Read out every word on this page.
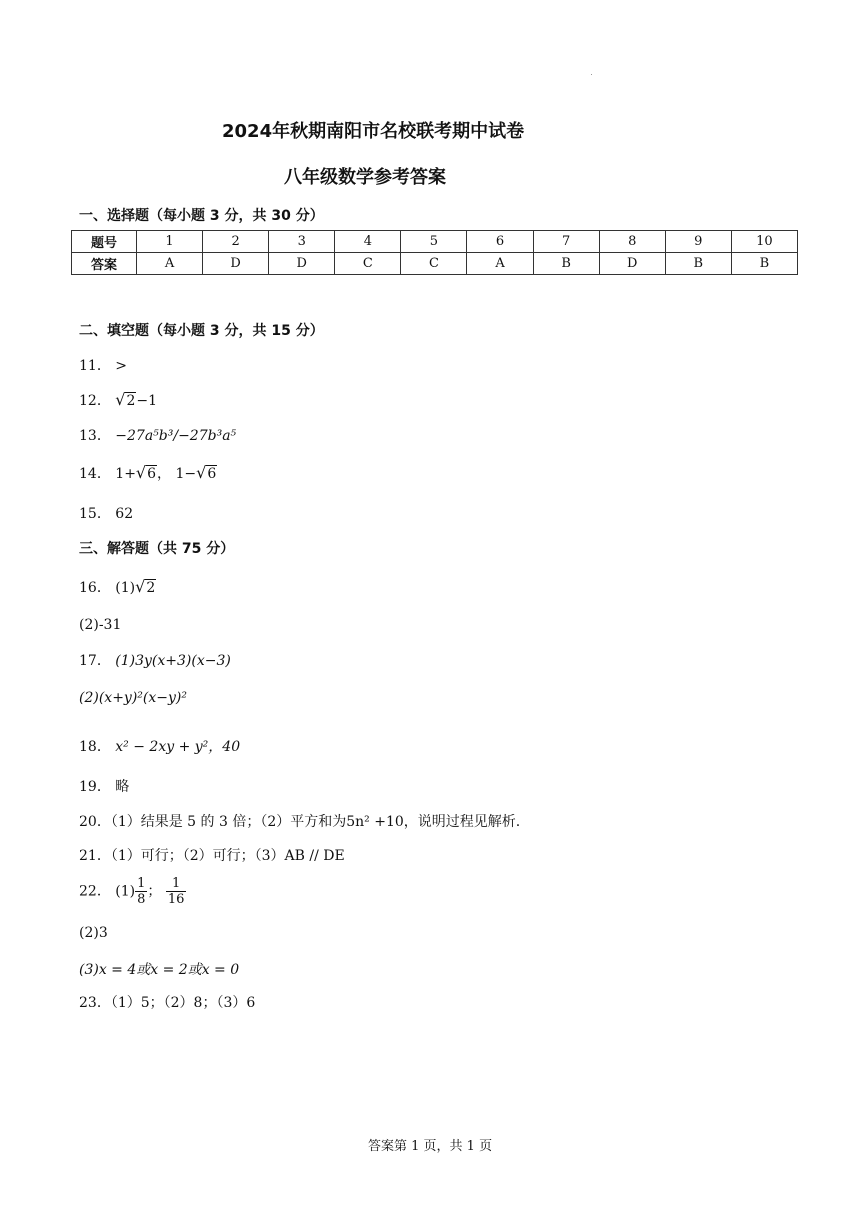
2024年秋期南阳市名校联考期中试卷
八年级数学参考答案
一、选择题（每小题 3 分，共 30 分）
题号	1	2	3	4	5	6	7	8	9	10
答案	A	D	D	C	C	A	B	D	B	B
二、填空题（每小题 3 分，共 15 分）
11． >
12． √2−1
13． −27a⁵b³/−27b³a⁵
14． 1+√6， 1−√6
15． 62
三、解答题（共 75 分）
16． (1)√2
(2)-31
17． (1)3y(x+3)(x−3)
(2)(x+y)²(x−y)²
18． x² − 2xy + y²，40
19． 略
20．（1）结果是 5 的 3 倍；（2）平方和为5n² +10，说明过程见解析.
21．（1）可行；（2）可行；（3）AB // DE
22． $(1) \frac{1}{8}$ ； $\frac{1}{16}$
(2)3
(3)x = 4或x = 2或x = 0
23．（1）5；（2）8；（3）6
答案第 1 页，共 1 页
